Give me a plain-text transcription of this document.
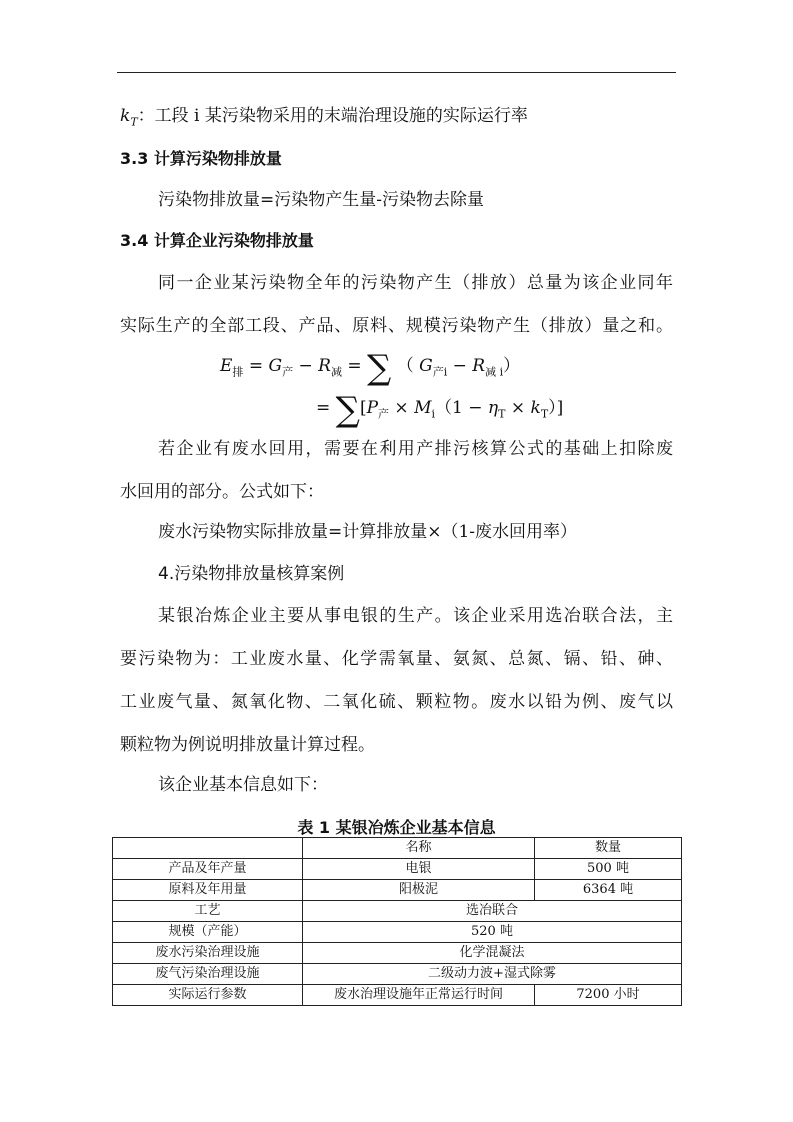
$k_T$：工段 i 某污染物采用的末端治理设施的实际运行率
3.3 计算污染物排放量
污染物排放量=污染物产生量-污染物去除量
3.4 计算企业污染物排放量
同一企业某污染物全年的污染物产生（排放）总量为该企业同年
实际生产的全部工段、产品、原料、规模污染物产生（排放）量之和。
$E_排 = G_产 - R_减$ = ∑ （ $G_{产i} - R_{减 i}$）
= $\sum[P_产 \times M_i(1 - \eta_T \times k_T)]$
若企业有废水回用，需要在利用产排污核算公式的基础上扣除废
水回用的部分。公式如下：
废水污染物实际排放量=计算排放量×（1-废水回用率）
4.污染物排放量核算案例
某银冶炼企业主要从事电银的生产。该企业采用选冶联合法，主
要污染物为：工业废水量、化学需氧量、氨氮、总氮、镉、铅、砷、
工业废气量、氮氧化物、二氧化硫、颗粒物。废水以铅为例、废气以
颗粒物为例说明排放量计算过程。
该企业基本信息如下：
表 1 某银冶炼企业基本信息
	名称	数量
产品及年产量	电银	500 吨
原料及年用量	阳极泥	6364 吨
工艺	选冶联合	
规模（产能）	520 吨	
废水污染治理设施	化学混凝法	
废气污染治理设施	二级动力波+湿式除雾	
实际运行参数	废水治理设施年正常运行时间	7200 小时
